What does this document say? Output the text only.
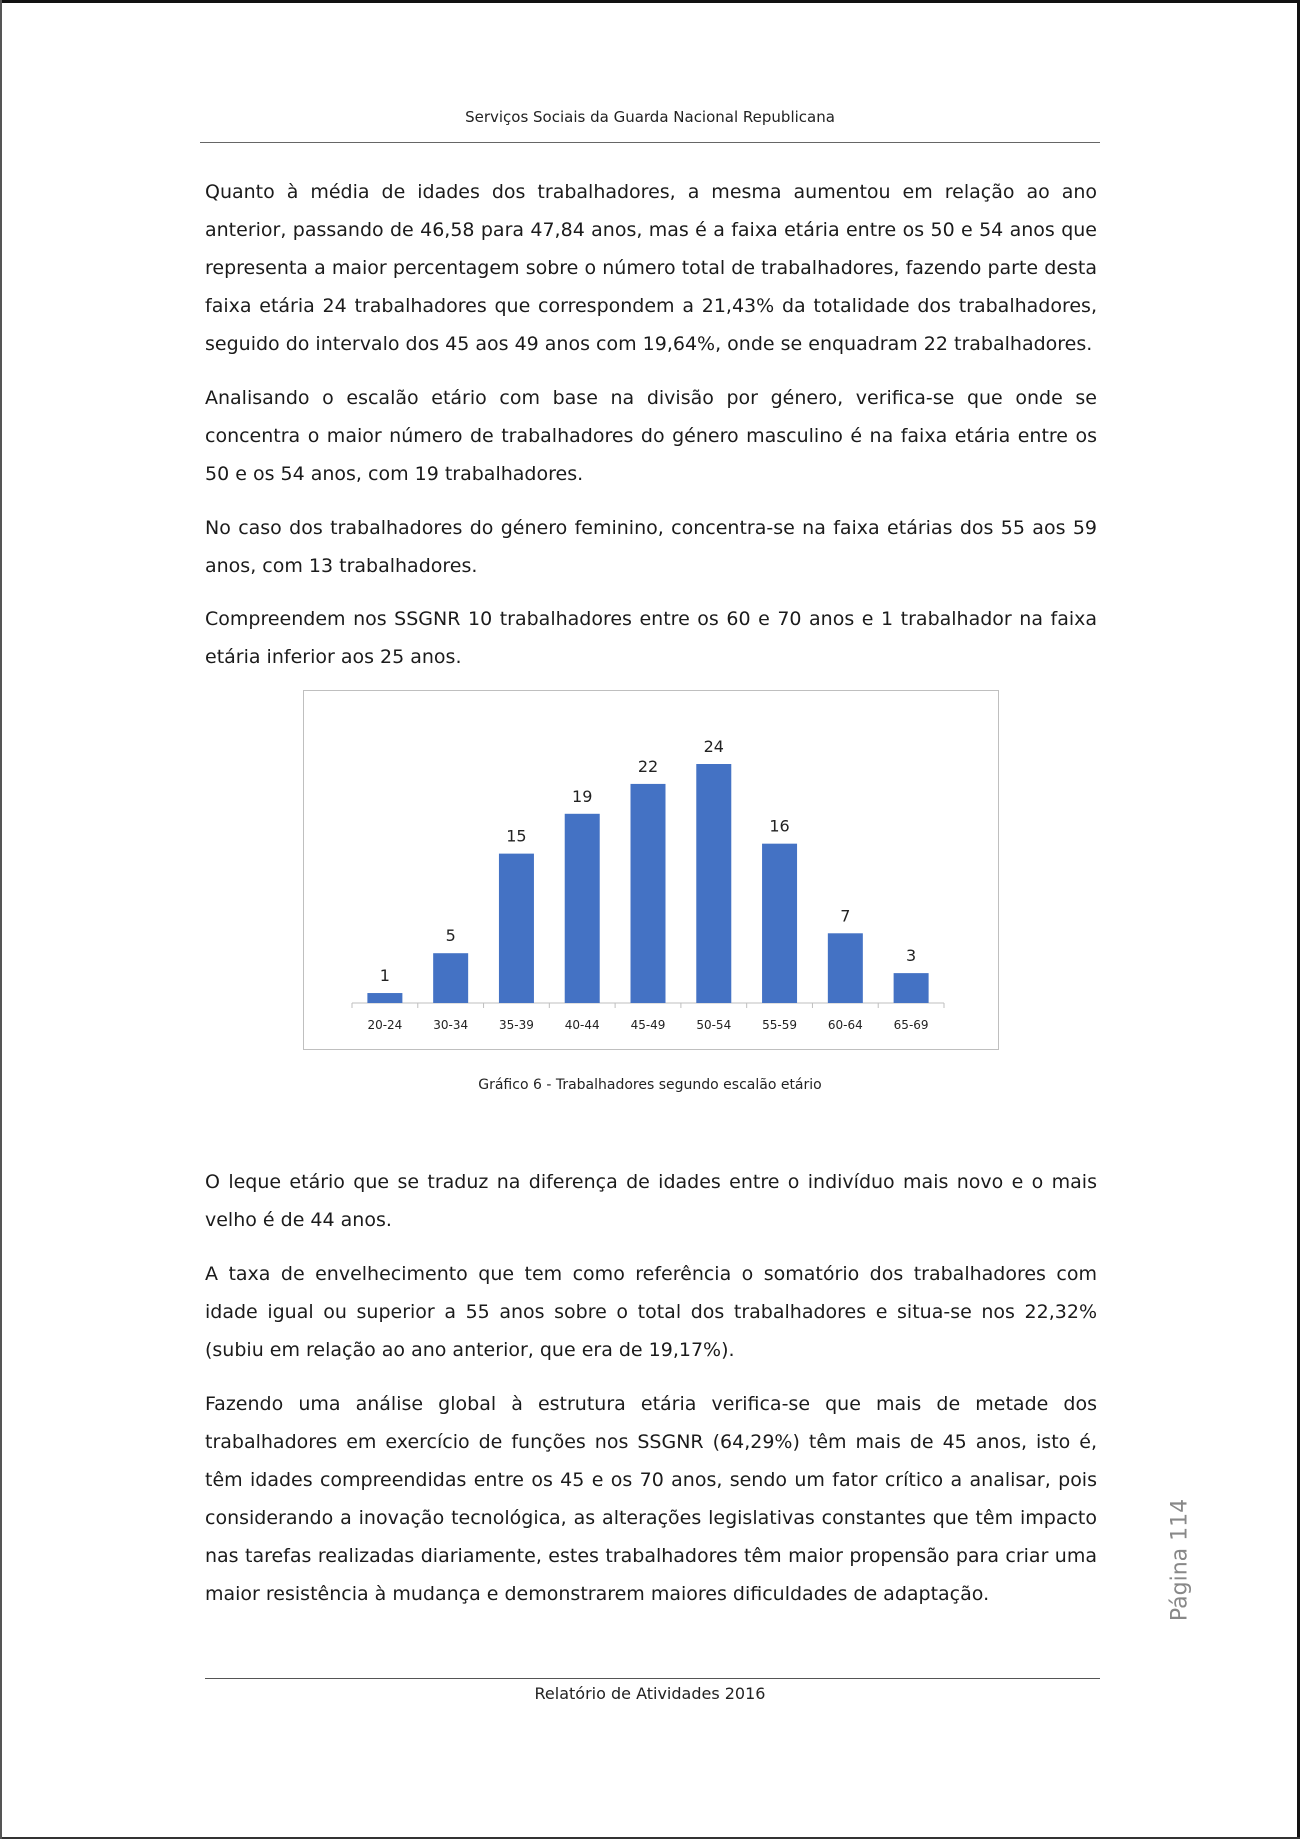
Serviços Sociais da Guarda Nacional Republicana
Quanto à média de idades dos trabalhadores, a mesma aumentou em relação ao ano anterior, passando de 46,58 para 47,84 anos, mas é a faixa etária entre os 50 e 54 anos que representa a maior percentagem sobre o número total de trabalhadores, fazendo parte desta faixa etária 24 trabalhadores que correspondem a 21,43% da totalidade dos trabalhadores, seguido do intervalo dos 45 aos 49 anos com 19,64%, onde se enquadram 22 trabalhadores.
Analisando o escalão etário com base na divisão por género, verifica-se que onde se concentra o maior número de trabalhadores do género masculino é na faixa etária entre os 50 e os 54 anos, com 19 trabalhadores.
No caso dos trabalhadores do género feminino, concentra-se na faixa etárias dos 55 aos 59 anos, com 13 trabalhadores.
Compreendem nos SSGNR 10 trabalhadores entre os 60 e 70 anos e 1 trabalhador na faixa etária inferior aos 25 anos.
1
20-24
5
30-34
15
35-39
19
40-44
22
45-49
24
50-54
16
55-59
7
60-64
3
65-69
Gráfico 6 - Trabalhadores segundo escalão etário
O leque etário que se traduz na diferença de idades entre o indivíduo mais novo e o mais velho é de 44 anos.
A taxa de envelhecimento que tem como referência o somatório dos trabalhadores com idade igual ou superior a 55 anos sobre o total dos trabalhadores e situa-se nos 22,32% (subiu em relação ao ano anterior, que era de 19,17%).
Fazendo uma análise global à estrutura etária verifica-se que mais de metade dos trabalhadores em exercício de funções nos SSGNR (64,29%) têm mais de 45 anos, isto é, têm idades compreendidas entre os 45 e os 70 anos, sendo um fator crítico a analisar, pois considerando a inovação tecnológica, as alterações legislativas constantes que têm impacto nas tarefas realizadas diariamente, estes trabalhadores têm maior propensão para criar uma maior resistência à mudança e demonstrarem maiores dificuldades de adaptação.	Página 114
Relatório de Atividades 2016
